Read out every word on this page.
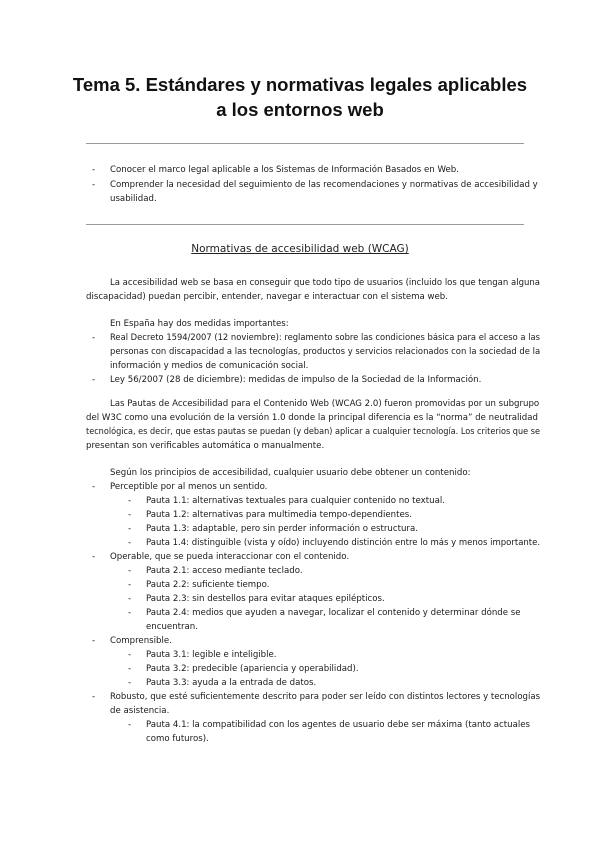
Tema 5. Estándares y normativas legales aplicables
a los entornos web
- Conocer el marco legal aplicable a los Sistemas de Información Basados en Web.
- Comprender la necesidad del seguimiento de las recomendaciones y normativas de accesibilidad y
usabilidad.
Normativas de accesibilidad web (WCAG)
La accesibilidad web se basa en conseguir que todo tipo de usuarios (incluido los que tengan alguna
discapacidad) puedan percibir, entender, navegar e interactuar con el sistema web.
En España hay dos medidas importantes:
- Real Decreto 1594/2007 (12 noviembre): reglamento sobre las condiciones básica para el acceso a las
personas con discapacidad a las tecnologías, productos y servicios relacionados con la sociedad de la
información y medios de comunicación social.
- Ley 56/2007 (28 de diciembre): medidas de impulso de la Sociedad de la Información.
Las Pautas de Accesibilidad para el Contenido Web (WCAG 2.0) fueron promovidas por un subgrupo
del W3C como una evolución de la versión 1.0 donde la principal diferencia es la “norma” de neutralidad
tecnológica, es decir, que estas pautas se puedan (y deban) aplicar a cualquier tecnología. Los criterios que se
presentan son verificables automática o manualmente.
Según los principios de accesibilidad, cualquier usuario debe obtener un contenido:
- Perceptible por al menos un sentido.
- Pauta 1.1: alternativas textuales para cualquier contenido no textual.
- Pauta 1.2: alternativas para multimedia tempo-dependientes.
- Pauta 1.3: adaptable, pero sin perder información o estructura.
- Pauta 1.4: distinguible (vista y oído) incluyendo distinción entre lo más y menos importante.
- Operable, que se pueda interaccionar con el contenido.
- Pauta 2.1: acceso mediante teclado.
- Pauta 2.2: suficiente tiempo.
- Pauta 2.3: sin destellos para evitar ataques epilépticos.
- Pauta 2.4: medios que ayuden a navegar, localizar el contenido y determinar dónde se
encuentran.
- Comprensible.
- Pauta 3.1: legible e inteligible.
- Pauta 3.2: predecible (apariencia y operabilidad).
- Pauta 3.3: ayuda a la entrada de datos.
- Robusto, que esté suficientemente descrito para poder ser leído con distintos lectores y tecnologías
de asistencia.
- Pauta 4.1: la compatibilidad con los agentes de usuario debe ser máxima (tanto actuales
como futuros).
